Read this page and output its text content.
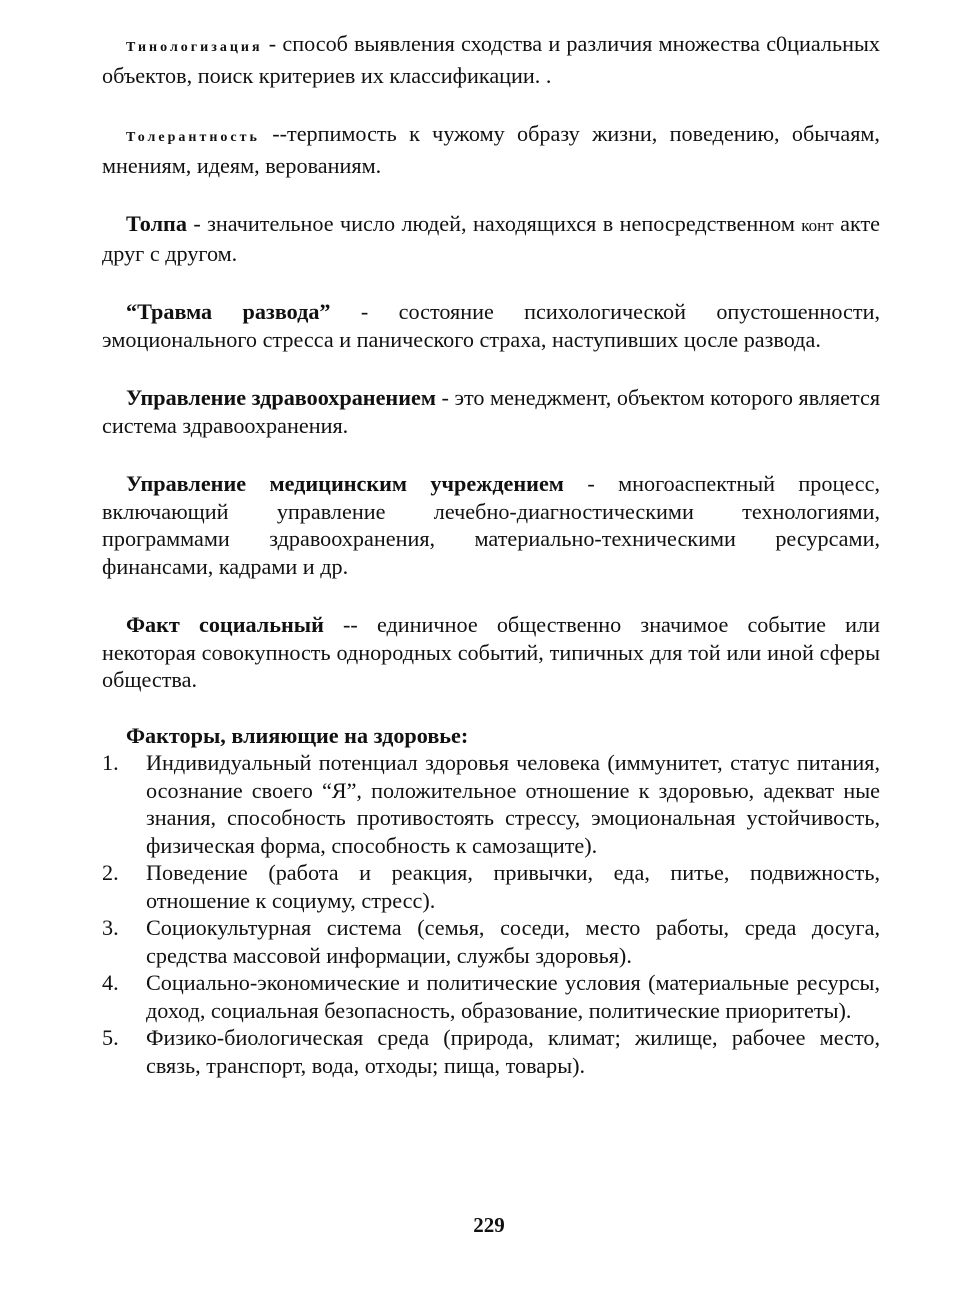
Тинологизация - способ выявления сходства и различия множества с0циальных объектов, поиск критериев их классификации. .

Толерантность --терпимость к чужому образу жизни, поведению, обычаям, мнениям, идеям, верованиям.

Толпа - значительное число людей, находящихся в непосредственном конт акте друг с другом.

“Травма развода” - состояние психологической опустошенности, эмоционального стресса и панического страха, наступивших цосле развода.

Управление здравоохранением - это менеджмент, объектом которого является система здравоохранения.

Управление медицинским учреждением - многоаспектный процесс, включающий управление лечебно-диагностическими технологиями, программами здравоохранения, материально-техническими ресурсами, финансами, кадрами и др.

Факт социальный -- единичное общественно значимое событие или некоторая совокупность однородных событий, типичных для той или иной сферы общества.

Факторы, влияющие на здоровье:

1. Индивидуальный потенциал здоровья человека (иммунитет, статус питания, осознание своего “Я”, положительное отношение к здоровью, адекват ные знания, способность противостоять стрессу, эмоциональная устойчивость, физическая форма, способность к самозащите).
2. Поведение (работа и реакция, привычки, еда, питье, подвижность, отношение к социуму, стресс).
3. Социокультурная система (семья, соседи, место работы, среда досуга, средства массовой информации, службы здоровья).
4. Социально-экономические и политические условия (материальные ресурсы, доход, социальная безопасность, образование, политические приоритеты).
5. Физико-биологическая среда (природа, климат; жилище, рабочее место, связь, транспорт, вода, отходы; пища, товары).
229
